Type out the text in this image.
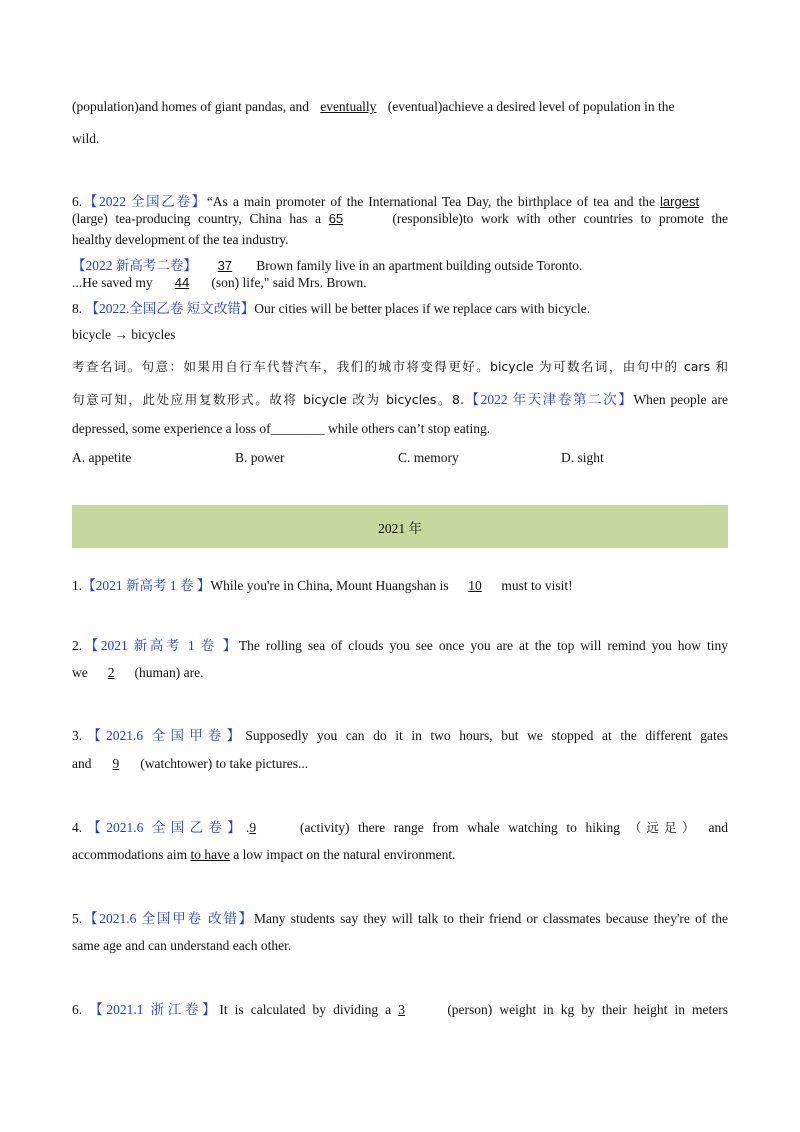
(population)and homes of giant pandas, and eventually (eventual)achieve a desired level of population in the
wild.
6.【2022 全国乙卷】“As a main promoter of the International Tea Day, the birthplace of tea and the largest
(large) tea-producing country, China has a 65	(responsible)to work with other countries to promote the
healthy development of the tea industry.
【2022 新高考二卷】 37 Brown family live in an apartment building outside Toronto.
...He saved my 44 (son) life," said Mrs. Brown.
8. 【2022.全国乙卷 短文改错】Our cities will be better places if we replace cars with bicycle.
bicycle → bicycles
考查名词。句意：如果用自行车代替汽车，我们的城市将变得更好。bicycle 为可数名词，由句中的 cars 和
句意可知，此处应用复数形式。故将 bicycle 改为 bicycles。8.【2022 年天津卷第二次】When people are
depressed, some experience a loss of________ while others can’t stop eating.
A. appetite	B. power	C. memory	D. sight
2021 年
1.【2021 新高考 1 卷 】While you're in China, Mount Huangshan is 10 must to visit!
2.【2021 新高考 1 卷 】The rolling sea of clouds you see once you are at the top will remind you how tiny
we 2 (human) are.
3.【2021.6 全国甲卷】Supposedly you can do it in two hours, but we stopped at the different gates
and 9 (watchtower) to take pictures...
4.【2021.6 全国乙卷】.9	(activity) there range from whale watching to hiking （远足） and
accommodations aim to have a low impact on the natural environment.
5.【2021.6 全国甲卷 改错】Many students say they will talk to their friend or classmates because they're of the
same age and can understand each other.
6. 【2021.1 浙江卷】It is calculated by dividing a 3	(person) weight in kg by their height in meters
